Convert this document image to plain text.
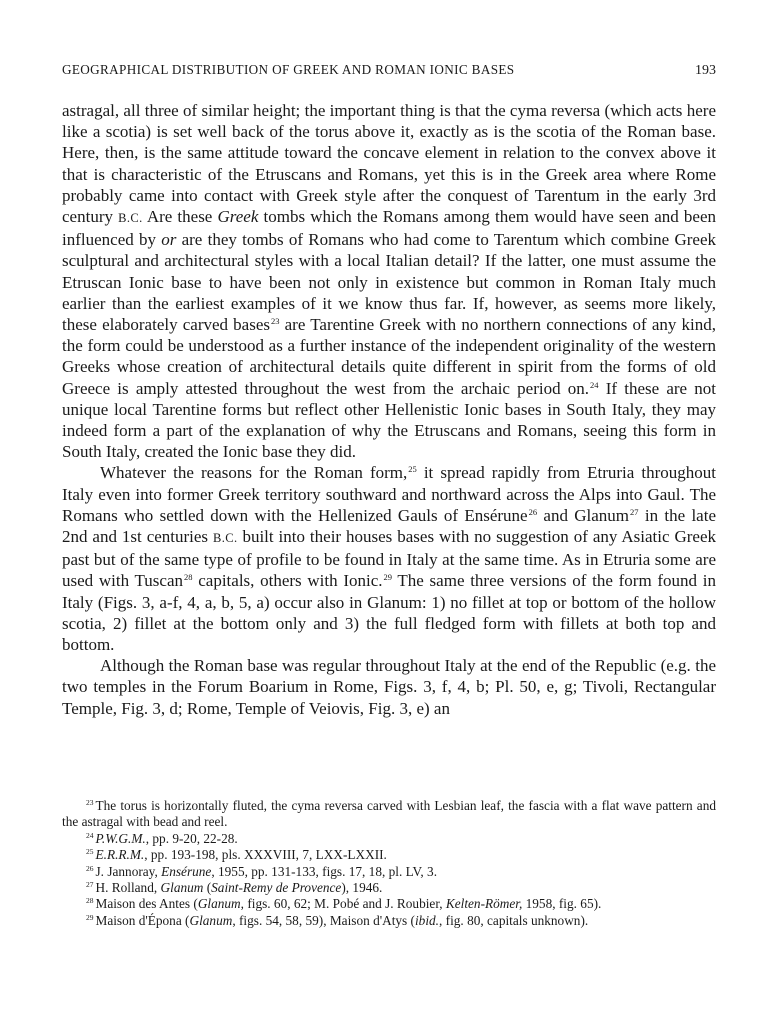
GEOGRAPHICAL DISTRIBUTION OF GREEK AND ROMAN IONIC BASES	193

astragal, all three of similar height; the important thing is that the cyma reversa (which acts here like a scotia) is set well back of the torus above it, exactly as is the scotia of the Roman base. Here, then, is the same attitude toward the concave element in relation to the convex above it that is characteristic of the Etruscans and Romans, yet this is in the Greek area where Rome probably came into contact with Greek style after the conquest of Tarentum in the early 3rd century B.C. Are these Greek tombs which the Romans among them would have seen and been influenced by or are they tombs of Romans who had come to Tarentum which combine Greek sculptural and architectural styles with a local Italian detail? If the latter, one must assume the Etruscan Ionic base to have been not only in existence but common in Roman Italy much earlier than the earliest examples of it we know thus far. If, however, as seems more likely, these elaborately carved bases$^{23}$ are Tarentine Greek with no northern connections of any kind, the form could be understood as a further instance of the independent originality of the western Greeks whose creation of architectural details quite different in spirit from the forms of old Greece is amply attested throughout the west from the archaic period on.$^{24}$ If these are not unique local Tarentine forms but reflect other Hellenistic Ionic bases in South Italy, they may indeed form a part of the explanation of why the Etruscans and Romans, seeing this form in South Italy, created the Ionic base they did.

Whatever the reasons for the Roman form,$^{25}$ it spread rapidly from Etruria throughout Italy even into former Greek territory southward and northward across the Alps into Gaul. The Romans who settled down with the Hellenized Gauls of Ensérune$^{26}$ and Glanum$^{27}$ in the late 2nd and 1st centuries B.C. built into their houses bases with no suggestion of any Asiatic Greek past but of the same type of profile to be found in Italy at the same time. As in Etruria some are used with Tuscan$^{28}$ capitals, others with Ionic.$^{29}$ The same three versions of the form found in Italy (Figs. 3, a-f, 4, a, b, 5, a) occur also in Glanum: 1) no fillet at top or bottom of the hollow scotia, 2) fillet at the bottom only and 3) the full fledged form with fillets at both top and bottom.

Although the Roman base was regular throughout Italy at the end of the Republic (e.g. the two temples in the Forum Boarium in Rome, Figs. 3, f, 4, b; Pl. 50, e, g; Tivoli, Rectangular Temple, Fig. 3, d; Rome, Temple of Veiovis, Fig. 3, e) an

$^{23}$ The torus is horizontally fluted, the cyma reversa carved with Lesbian leaf, the fascia with a flat wave pattern and the astragal with bead and reel.

$^{24}$ P.W.G.M., pp. 9-20, 22-28.

$^{25}$ E.R.R.M., pp. 193-198, pls. XXXVIII, 7, LXX-LXXII.

$^{26}$ J. Jannoray, Ensérune, 1955, pp. 131-133, figs. 17, 18, pl. LV, 3.

$^{27}$ H. Rolland, Glanum (Saint-Remy de Provence), 1946.

$^{28}$ Maison des Antes (Glanum, figs. 60, 62; M. Pobé and J. Roubier, Kelten-Römer, 1958, fig. 65).

$^{29}$ Maison d'Épona (Glanum, figs. 54, 58, 59), Maison d'Atys (ibid., fig. 80, capitals unknown).
